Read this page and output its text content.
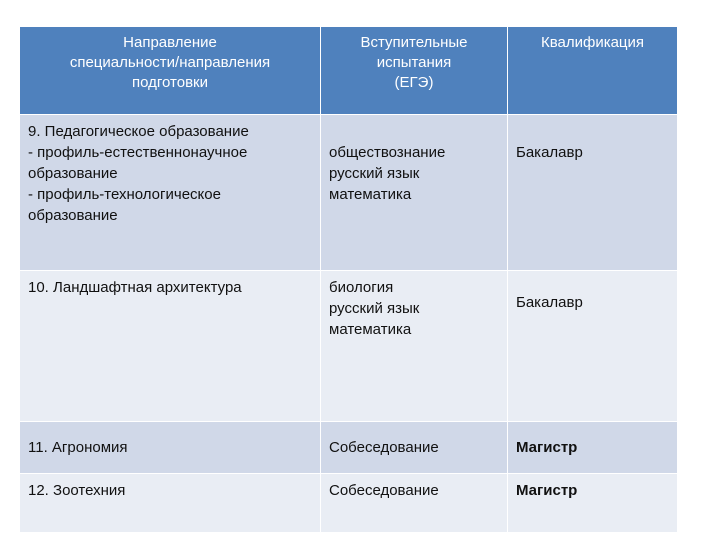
Направление
специальности/направления
подготовки	Вступительные
испытания
(ЕГЭ)	Квалификация

9. Педагогическое образование
- профиль-естественнонаучное
образование
- профиль-технологическое
образование	обществознание
русский язык
математика	Бакалавр

10. Ландшафтная архитектура	биология
русский язык
математика	Бакалавр

11. Агрономия	Собеседование	Магистр

12. Зоотехния	Собеседование	Магистр
